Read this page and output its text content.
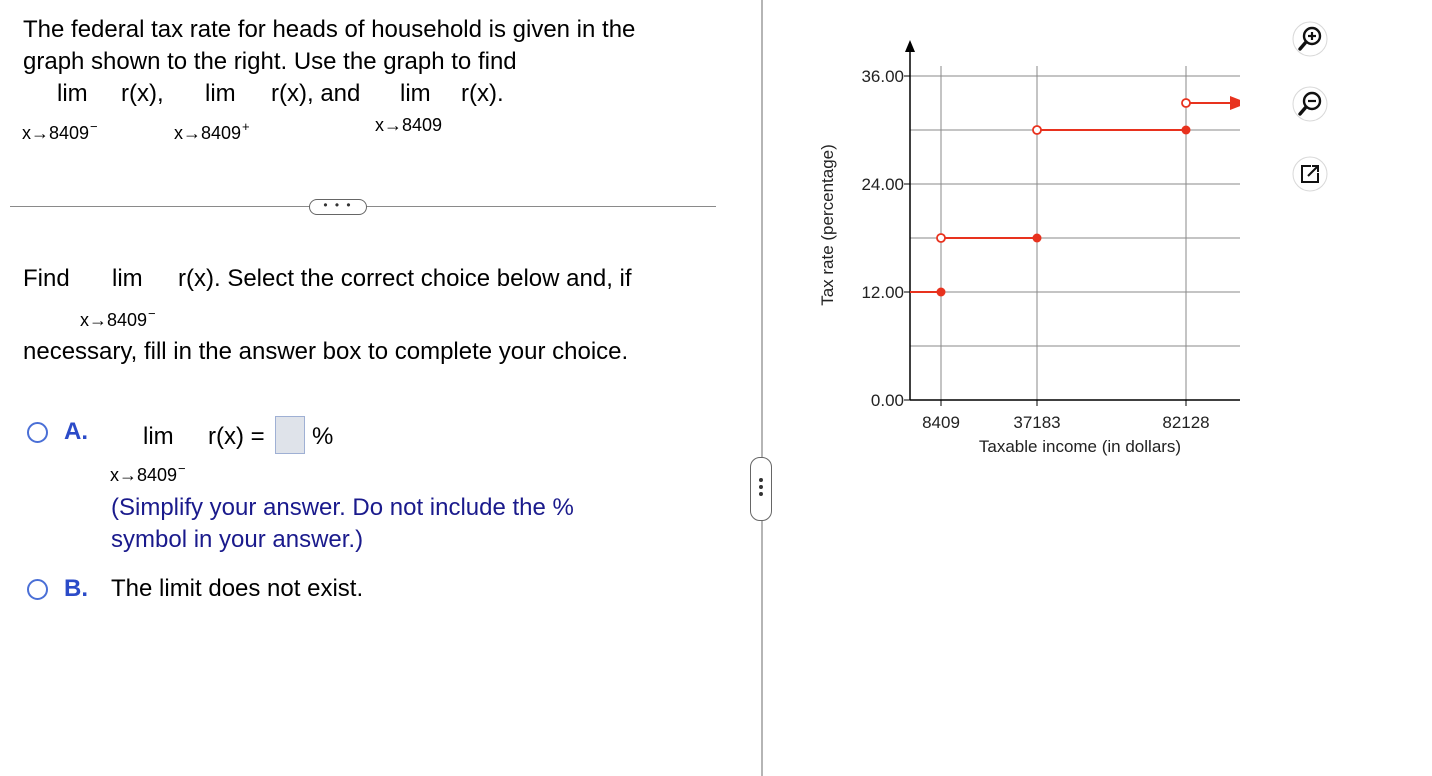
The federal tax rate for heads of household is given in the
graph shown to the right. Use the graph to find
lim r(x), lim r(x), and lim r(x).
x→8409−	x→8409+	x→8409
• • •
Find lim r(x). Select the correct choice below and, if
x→8409−
necessary, fill in the answer box to complete your choice.
A. lim r(x) = %
x→8409−
(Simplify your answer. Do not include the %
symbol in your answer.)
B. The limit does not exist.
0.00
12.00
24.00
36.00
8409	37183	82128
Taxable income (in dollars)
Tax rate (percentage)
